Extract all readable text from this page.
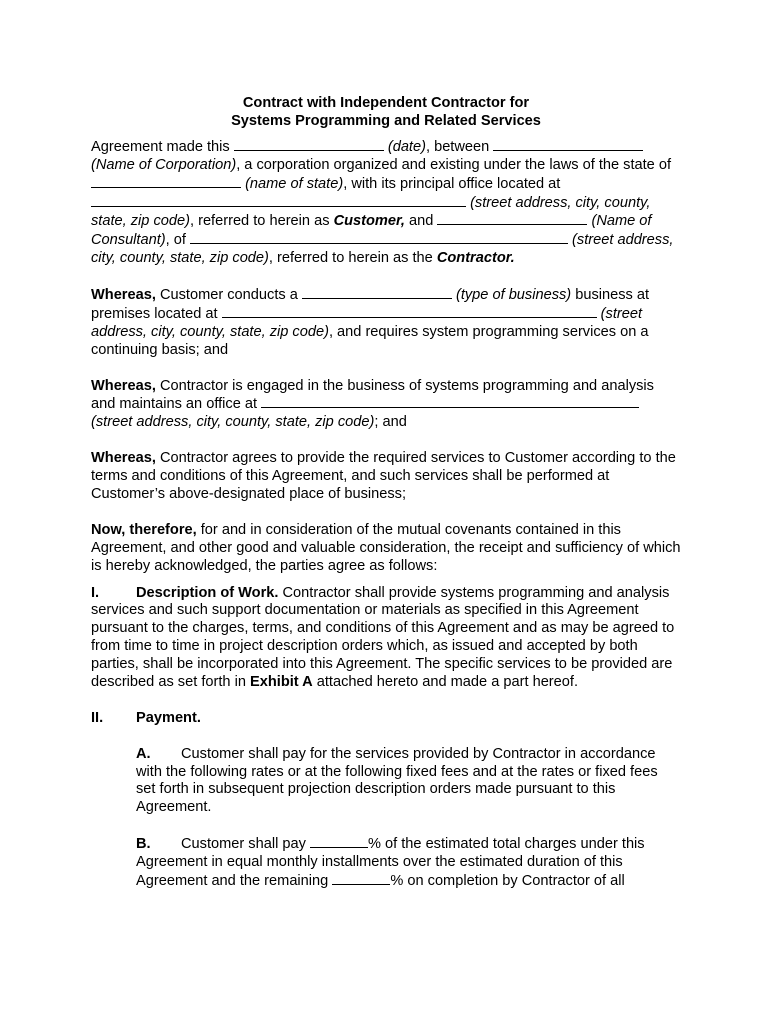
Contract with Independent Contractor for
Systems Programming and Related Services

Agreement made this	(date), between  (Name of Corporation), a corporation organized and existing under the laws of the state of  (name of state), with its principal office located at  (street address, city, county, state, zip code), referred to herein as Customer, and	(Name of Consultant), of	(street address, city, county, state, zip code), referred to herein as the Contractor.

Whereas, Customer conducts a	(type of business) business at premises located at	(street address, city, county, state, zip code), and requires system programming services on a continuing basis; and

Whereas, Contractor is engaged in the business of systems programming and analysis and maintains an office at  (street address, city, county, state, zip code); and

Whereas, Contractor agrees to provide the required services to Customer according to the terms and conditions of this Agreement, and such services shall be performed at Customer’s above-designated place of business;

Now, therefore, for and in consideration of the mutual covenants contained in this Agreement, and other good and valuable consideration, the receipt and sufficiency of which is hereby acknowledged, the parties agree as follows:

I.	Description of Work. Contractor shall provide systems programming and analysis services and such support documentation or materials as specified in this Agreement pursuant to the charges, terms, and conditions of this Agreement and as may be agreed to from time to time in project description orders which, as issued and accepted by both parties, shall be incorporated into this Agreement. The specific services to be provided are described as set forth in Exhibit A attached hereto and made a part hereof.

II. Payment.

A. Customer shall pay for the services provided by Contractor in accordance with the following rates or at the following fixed fees and at the rates or fixed fees set forth in subsequent projection description orders made pursuant to this Agreement.

B. Customer shall pay	% of the estimated total charges under this Agreement in equal monthly installments over the estimated duration of this Agreement and the remaining	% on completion by Contractor of all
